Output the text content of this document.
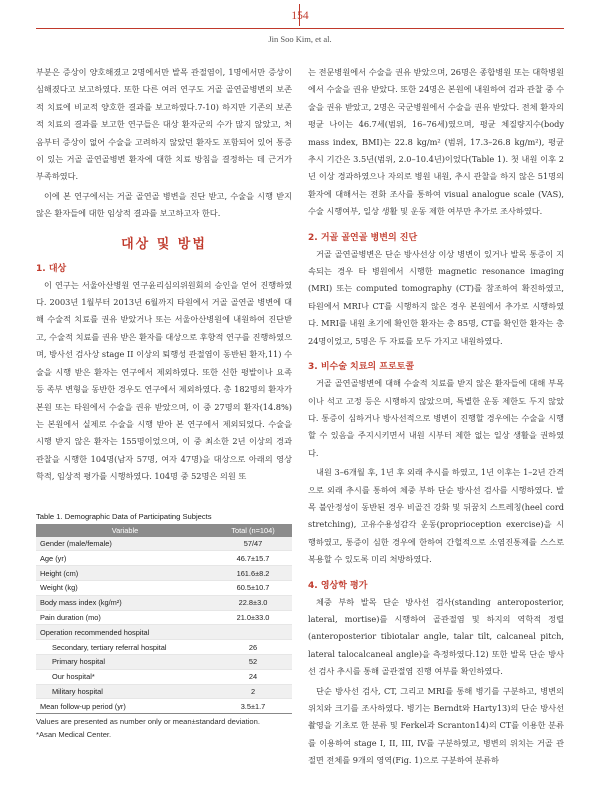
154
Jin Soo Kim, et al.

부분은 증상이 양호해졌고 2명에서만 발목 관절염이, 1명에서만 증상이 심해졌다고 보고하였다. 또한 다른 여러 연구도 거골 골연골병변의 보존적 치료에 비교적 양호한 결과를 보고하였다.7-10) 하지만 기존의 보존적 치료의 결과를 보고한 연구들은 대상 환자군의 수가 많지 않았고, 처음부터 증상이 없어 수술을 고려하지 않았던 환자도 포함되어 있어 통증이 있는 거골 골연골병변 환자에 대한 치료 방침을 결정하는 데 근거가 부족하였다.

이에 본 연구에서는 거골 골연골 병변을 진단 받고, 수술을 시행 받지 않은 환자들에 대한 임상적 결과를 보고하고자 한다.

대상 및 방법
1. 대상

이 연구는 서울아산병원 연구윤리심의위원회의 승인을 얻어 진행하였다. 2003년 1월부터 2013년 6월까지 타원에서 거골 골연골 병변에 대해 수술적 치료를 권유 받았거나 또는 서울아산병원에 내원하여 진단받고, 수술적 치료를 권유 받은 환자를 대상으로 후향적 연구를 진행하였으며, 방사선 검사상 stage II 이상의 퇴행성 관절염이 동반된 환자,11) 수술을 시행 받은 환자는 연구에서 제외하였다. 또한 신한 평발이나 요족 등 족부 변형을 동반한 경우도 연구에서 제외하였다. 총 182명의 환자가 본원 또는 타원에서 수술을 권유 받았으며, 이 중 27명의 환자(14.8%)는 본원에서 실제로 수술을 시행 받아 본 연구에서 제외되었다. 수술을 시행 받지 않은 환자는 155명이었으며, 이 중 최소한 2년 이상의 경과 관찰을 시행한 104명(남자 57명, 여자 47명)을 대상으로 아래의 영상학적, 임상적 평가를 시행하였다. 104명 중 52명은 의원 또

Table 1. Demographic Data of Participating Subjects
Variable	Total (n=104)
Gender (male/female)	57/47
Age (yr)	46.7±15.7
Height (cm)	161.6±8.2
Weight (kg)	60.5±10.7
Body mass index (kg/m²)	22.8±3.0
Pain duration (mo)	21.0±33.0
Operation recommended hospital	
Secondary, tertiary referral hospital	26
Primary hospital	52
Our hospital*	24
Military hospital	2
Mean follow-up period (yr)	3.5±1.7
Values are presented as number only or mean±standard deviation.
*Asan Medical Center.

는 전문병원에서 수술을 권유 받았으며, 26명은 종합병원 또는 대학병원에서 수술을 권유 받았다. 또한 24명은 본원에 내원하여 검과 관찰 중 수술을 권유 받았고, 2명은 국군병원에서 수술을 권유 받았다. 전체 환자의 평균 나이는 46.7세(범위, 16–76세)였으며, 평균 체질량지수(body mass index, BMI)는 22.8 kg/m² (범위, 17.3–26.8 kg/m²), 평균 추시 기간은 3.5년(범위, 2.0–10.4년)이었다(Table 1). 첫 내원 이후 2년 이상 경과하였으나 자의로 병원 내원, 추시 관찰을 하지 않은 51명의 환자에 대해서는 전화 조사를 통하여 visual analogue scale (VAS), 수술 시행여부, 일상 생활 및 운동 제한 여부만 추가로 조사하였다.

2. 거골 골연골 병변의 진단

거골 골연골병변은 단순 방사선상 이상 병변이 있거나 발목 통증이 지속되는 경우 타 병원에서 시행한 magnetic resonance imaging (MRI) 또는 computed tomography (CT)를 참조하여 확진하였고, 타원에서 MRI나 CT를 시행하지 않은 경우 본원에서 추가로 시행하였다. MRI를 내원 초기에 확인한 환자는 총 85명, CT를 확인한 환자는 총 24명이었고, 5명은 두 자료를 모두 가지고 내원하였다.

3. 비수술 치료의 프로토콜

거골 골연골병변에 대해 수술적 치료를 받지 않은 환자들에 대해 부목이나 석고 고정 등은 시행하지 않았으며, 특별한 운동 제한도 두지 않았다. 통증이 심하거나 방사선적으로 병변이 진행할 경우에는 수술을 시행할 수 있음을 주지시키면서 내원 시부터 제한 없는 일상 생활을 권하였다.

내원 3–6개월 후, 1년 후 외래 추시를 하였고, 1년 이후는 1–2년 간격으로 외래 추시를 통하여 체중 부하 단순 방사선 검사를 시행하였다. 발목 불안정성이 동반된 경우 비골건 강화 및 뒤꿈치 스트레칭(heel cord stretching), 고유수용성감각 운동(proprioception exercise)을 시행하였고, 통증이 심한 경우에 한하여 간헐적으로 소염진통제를 스스로 복용할 수 있도록 미리 처방하였다.

4. 영상학 평가

체중 부하 발목 단순 방사선 검사(standing anteroposterior, lateral, mortise)를 시행하여 골관절염 및 하지의 역학적 정렬(anteroposterior tibiotalar angle, talar tilt, calcaneal pitch, lateral talocalcaneal angle)을 측정하였다.12) 또한 발목 단순 방사선 검사 추시를 통해 골관절염 진행 여부를 확인하였다.

단순 방사선 검사, CT, 그리고 MRI를 통해 병기를 구분하고, 병변의 위치와 크기를 조사하였다. 병기는 Berndt와 Harty13)의 단순 방사선 촬영을 기초로 한 분류 및 Ferkel과 Scranton14)의 CT를 이용한 분류를 이용하여 stage I, II, III, IV를 구분하였고, 병변의 위치는 거골 관절면 전체를 9개의 영역(Fig. 1)으로 구분하여 분류하
